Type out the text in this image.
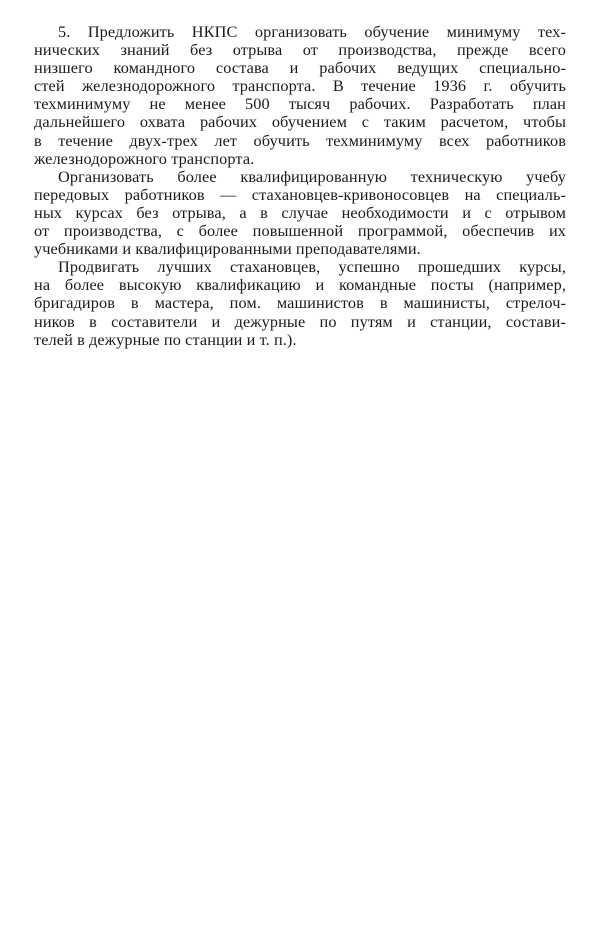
5. Предложить НКПС организовать обучение минимуму тех-
нических знаний без отрыва от производства, прежде всего
низшего командного состава и рабочих ведущих специально-
стей железнодорожного транспорта. В течение 1936 г. обучить
техминимуму не менее 500 тысяч рабочих. Разработать план
дальнейшего охвата рабочих обучением с таким расчетом, чтобы
в течение двух-трех лет обучить техминимуму всех работников
железнодорожного транспорта.
Организовать более квалифицированную техническую учебу
передовых работников — стахановцев-кривоносовцев на специаль-
ных курсах без отрыва, а в случае необходимости и с отрывом
от производства, с более повышенной программой, обеспечив их
учебниками и квалифицированными преподавателями.
Продвигать лучших стахановцев, успешно прошедших курсы,
на более высокую квалификацию и командные посты (например,
бригадиров в мастера, пом. машинистов в машинисты, стрелоч-
ников в составители и дежурные по путям и станции, состави-
телей в дежурные по станции и т. п.).
